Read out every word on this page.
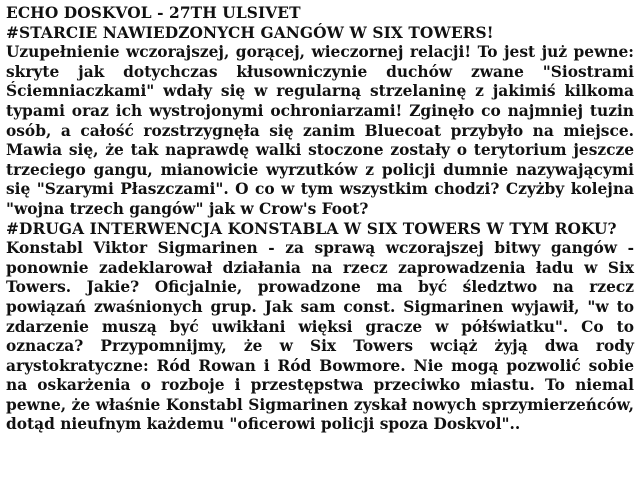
ECHO DOSKVOL - 27TH ULSIVET
#STARCIE NAWIEDZONYCH GANGÓW W SIX TOWERS!

Uzupełnienie wczorajszej, gorącej, wieczornej relacji! To jest już pewne: skryte jak dotychczas kłusowniczynie duchów zwane "Siostrami Ściemniaczkami" wdały się w regularną strzelaninę z jakimiś kilkoma typami oraz ich wystrojonymi ochroniarzami! Zginęło co najmniej tuzin osób, a całość rozstrzygnęła się zanim Bluecoat przybyło na miejsce. Mawia się, że tak naprawdę walki stoczone zostały o terytorium jeszcze trzeciego gangu, mianowicie wyrzutków z policji dumnie nazywającymi się "Szarymi Płaszczami". O co w tym wszystkim chodzi? Czyżby kolejna "wojna trzech gangów" jak w Crow's Foot?

#DRUGA INTERWENCJA KONSTABLA W SIX TOWERS W TYM ROKU?

Konstabl Viktor Sigmarinen - za sprawą wczorajszej bitwy gangów - ponownie zadeklarował działania na rzecz zaprowadzenia ładu w Six Towers. Jakie? Oficjalnie, prowadzone ma być śledztwo na rzecz powiązań zwaśnionych grup. Jak sam const. Sigmarinen wyjawił, "w to zdarzenie muszą być uwikłani więksi gracze w półświatku". Co to oznacza? Przypomnijmy, że w Six Towers wciąż żyją dwa rody arystokratyczne: Ród Rowan i Ród Bowmore. Nie mogą pozwolić sobie na oskarżenia o rozboje i przestępstwa przeciwko miastu. To niemal pewne, że właśnie Konstabl Sigmarinen zyskał nowych sprzymierzeńców, dotąd nieufnym każdemu "oficerowi policji spoza Doskvol"..
